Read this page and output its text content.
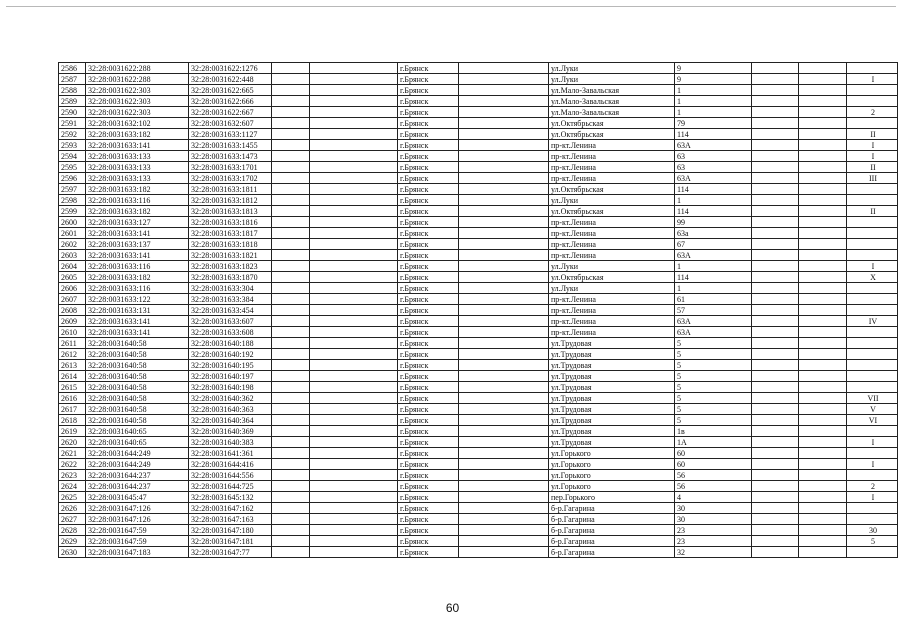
2586	32:28:0031622:288	32:28:0031622:1276			г.Брянск		ул.Луки	9			
2587	32:28:0031622:288	32:28:0031622:448			г.Брянск		ул.Луки	9			I
2588	32:28:0031622:303	32:28:0031622:665			г.Брянск		ул.Мало-Завальская	1			
2589	32:28:0031622:303	32:28:0031622:666			г.Брянск		ул.Мало-Завальская	1			
2590	32:28:0031622:303	32:28:0031622:667			г.Брянск		ул.Мало-Завальская	1			2
2591	32:28:0031632:102	32:28:0031632:607			г.Брянск		ул.Октябрьская	79			
2592	32:28:0031633:182	32:28:0031633:1127			г.Брянск		ул.Октябрьская	114			II
2593	32:28:0031633:141	32:28:0031633:1455			г.Брянск		пр-кт.Ленина	63А			I
2594	32:28:0031633:133	32:28:0031633:1473			г.Брянск		пр-кт.Ленина	63			I
2595	32:28:0031633:133	32:28:0031633:1701			г.Брянск		пр-кт.Ленина	63			II
2596	32:28:0031633:133	32:28:0031633:1702			г.Брянск		пр-кт.Ленина	63А			III
2597	32:28:0031633:182	32:28:0031633:1811			г.Брянск		ул.Октябрьская	114			
2598	32:28:0031633:116	32:28:0031633:1812			г.Брянск		ул.Луки	1			
2599	32:28:0031633:182	32:28:0031633:1813			г.Брянск		ул.Октябрьская	114			II
2600	32:28:0031633:127	32:28:0031633:1816			г.Брянск		пр-кт.Ленина	99			
2601	32:28:0031633:141	32:28:0031633:1817			г.Брянск		пр-кт.Ленина	63а			
2602	32:28:0031633:137	32:28:0031633:1818			г.Брянск		пр-кт.Ленина	67			
2603	32:28:0031633:141	32:28:0031633:1821			г.Брянск		пр-кт.Ленина	63А			
2604	32:28:0031633:116	32:28:0031633:1823			г.Брянск		ул.Луки	1			I
2605	32:28:0031633:182	32:28:0031633:1870			г.Брянск		ул.Октябрьская	114			X
2606	32:28:0031633:116	32:28:0031633:304			г.Брянск		ул.Луки	1			
2607	32:28:0031633:122	32:28:0031633:384			г.Брянск		пр-кт.Ленина	61			
2608	32:28:0031633:131	32:28:0031633:454			г.Брянск		пр-кт.Ленина	57			
2609	32:28:0031633:141	32:28:0031633:607			г.Брянск		пр-кт.Ленина	63А			IV
2610	32:28:0031633:141	32:28:0031633:608			г.Брянск		пр-кт.Ленина	63А			
2611	32:28:0031640:58	32:28:0031640:188			г.Брянск		ул.Трудовая	5			
2612	32:28:0031640:58	32:28:0031640:192			г.Брянск		ул.Трудовая	5			
2613	32:28:0031640:58	32:28:0031640:195			г.Брянск		ул.Трудовая	5			
2614	32:28:0031640:58	32:28:0031640:197			г.Брянск		ул.Трудовая	5			
2615	32:28:0031640:58	32:28:0031640:198			г.Брянск		ул.Трудовая	5			
2616	32:28:0031640:58	32:28:0031640:362			г.Брянск		ул.Трудовая	5			VII
2617	32:28:0031640:58	32:28:0031640:363			г.Брянск		ул.Трудовая	5			V
2618	32:28:0031640:58	32:28:0031640:364			г.Брянск		ул.Трудовая	5			VI
2619	32:28:0031640:65	32:28:0031640:369			г.Брянск		ул.Трудовая	1в			
2620	32:28:0031640:65	32:28:0031640:383			г.Брянск		ул.Трудовая	1А			I
2621	32:28:0031644:249	32:28:0031641:361			г.Брянск		ул.Горького	60			
2622	32:28:0031644:249	32:28:0031644:416			г.Брянск		ул.Горького	60			I
2623	32:28:0031644:237	32:28:0031644:556			г.Брянск		ул.Горького	56			
2624	32:28:0031644:237	32:28:0031644:725			г.Брянск		ул.Горького	56			2
2625	32:28:0031645:47	32:28:0031645:132			г.Брянск		пер.Горького	4			I
2626	32:28:0031647:126	32:28:0031647:162			г.Брянск		б-р.Гагарина	30			
2627	32:28:0031647:126	32:28:0031647:163			г.Брянск		б-р.Гагарина	30			
2628	32:28:0031647:59	32:28:0031647:180			г.Брянск		б-р.Гагарина	23			30
2629	32:28:0031647:59	32:28:0031647:181			г.Брянск		б-р.Гагарина	23			5
2630	32:28:0031647:183	32:28:0031647:77			г.Брянск		б-р.Гагарина	32			
60
